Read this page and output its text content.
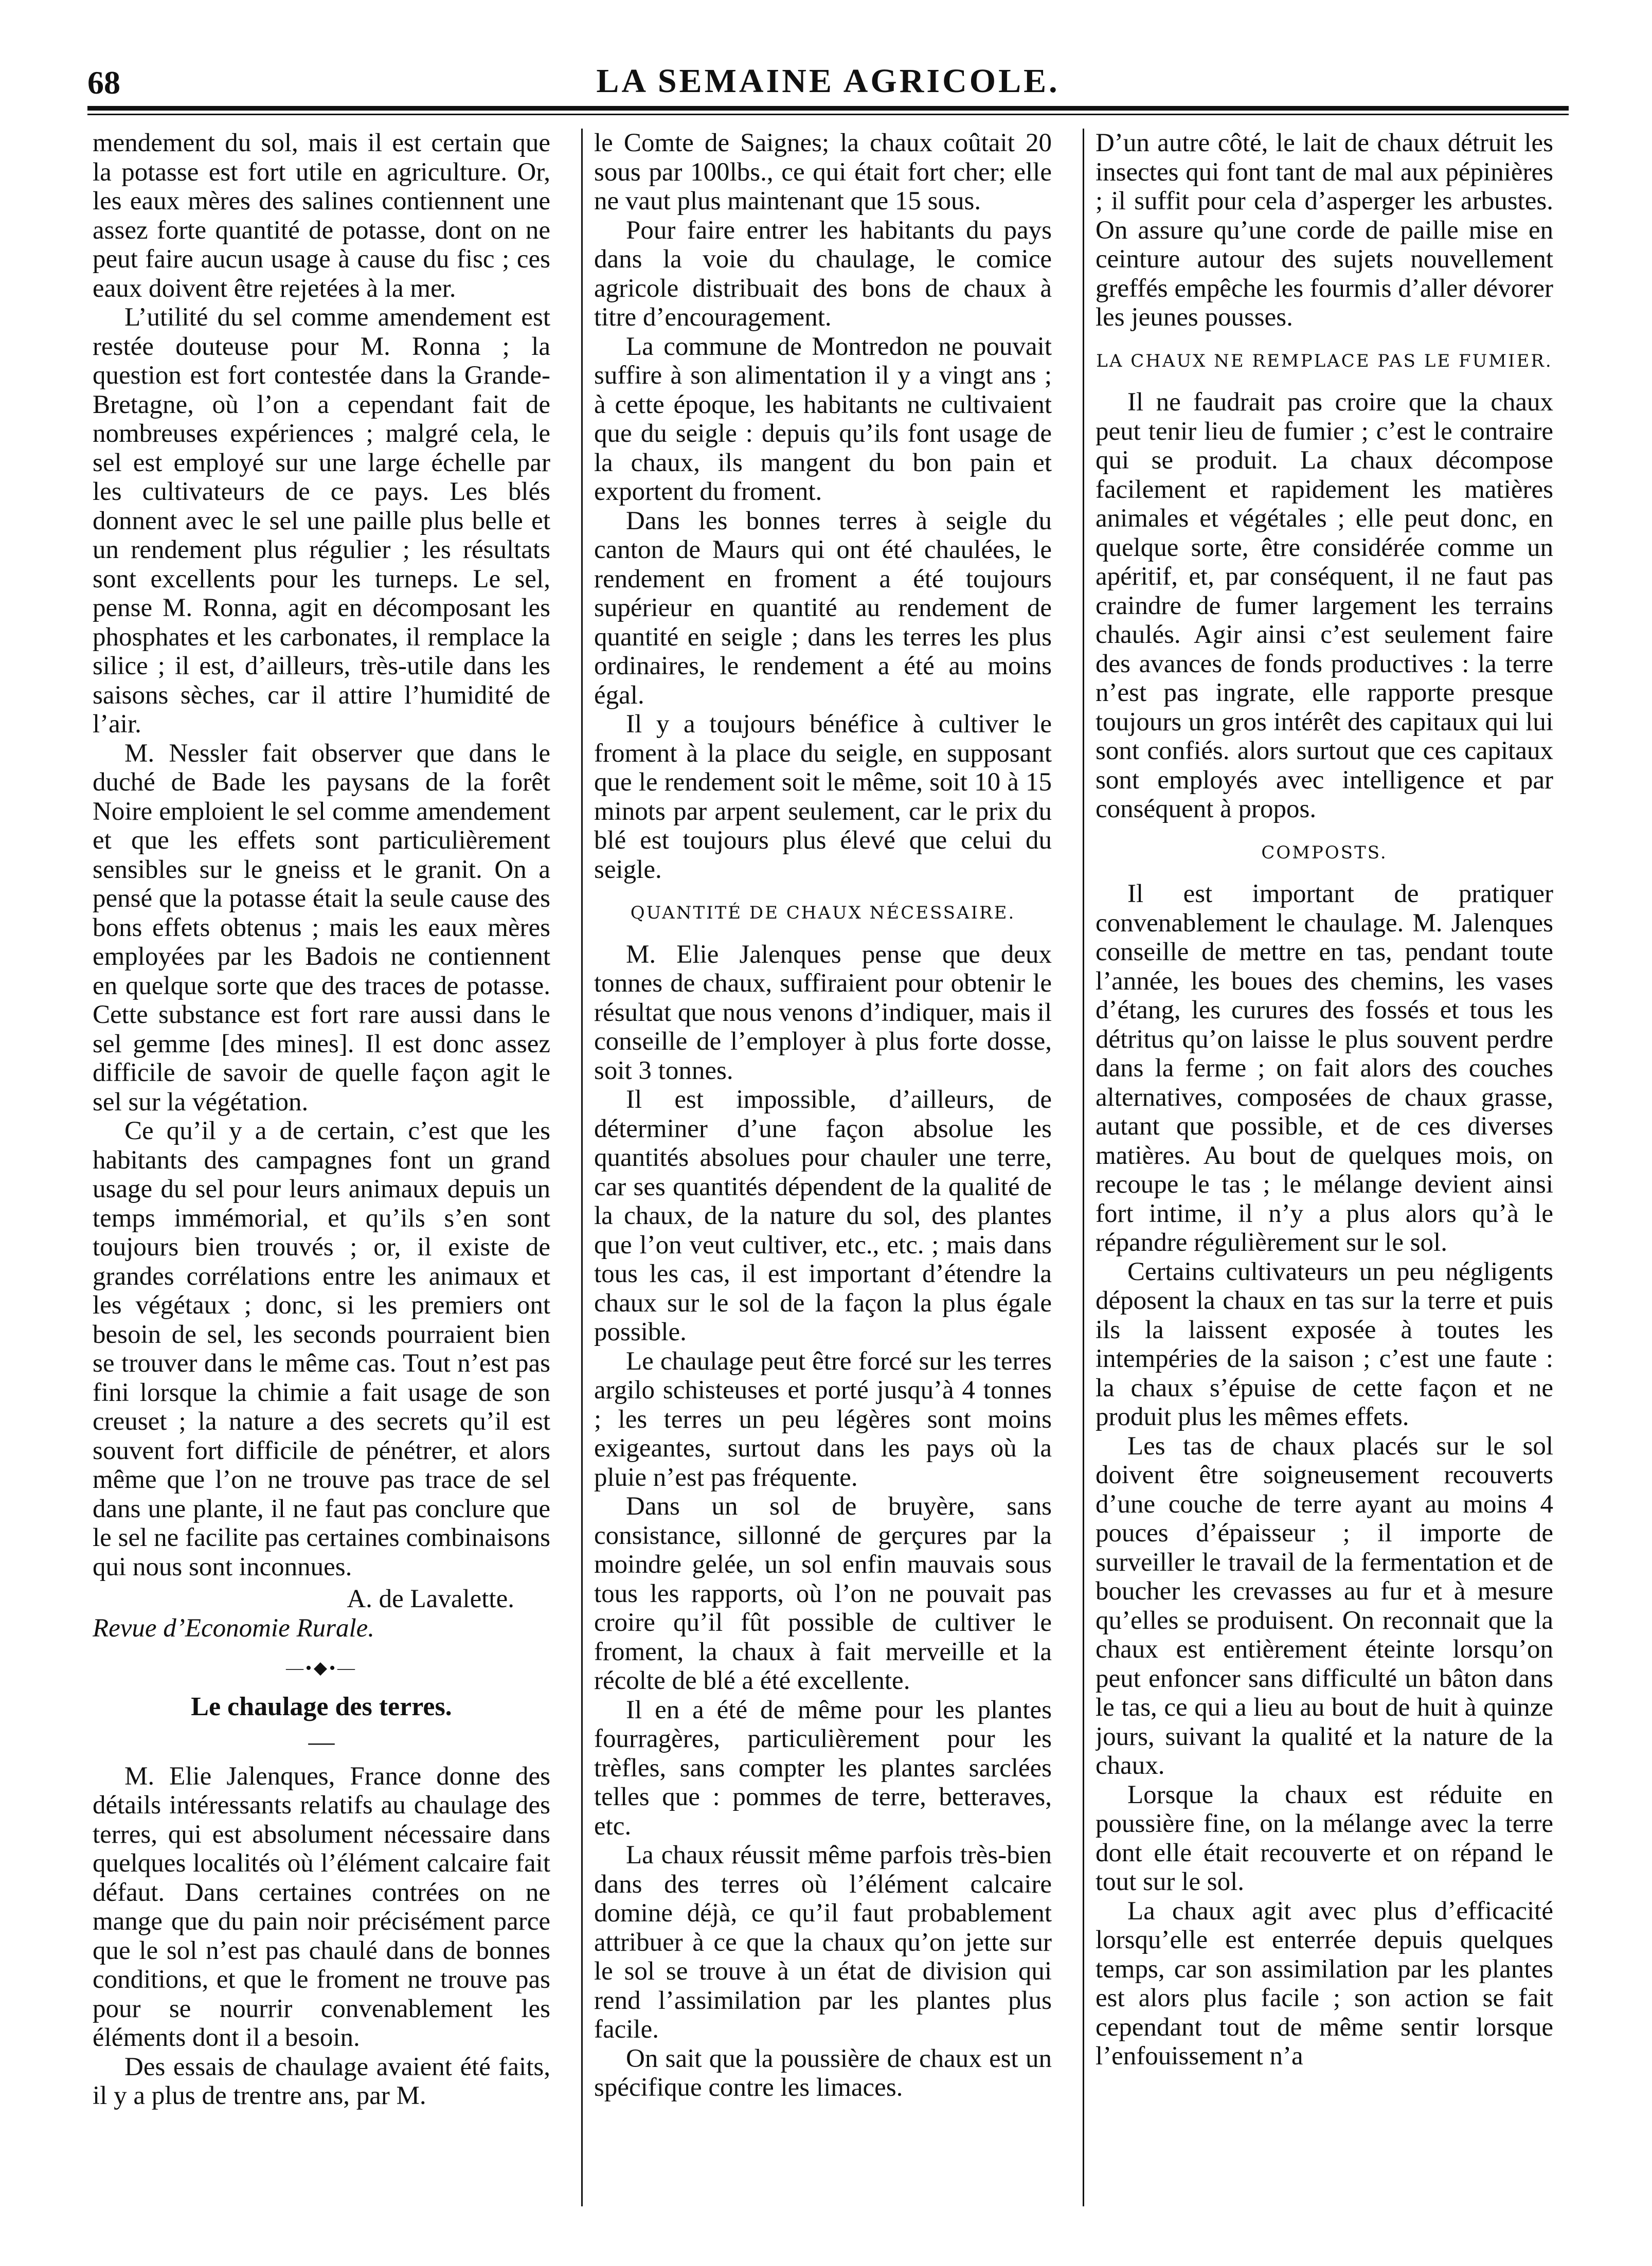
68	LA SEMAINE AGRICOLE.

mendement du sol, mais il est certain que la potasse est fort utile en agriculture. Or, les eaux mères des salines contiennent une assez forte quantité de potasse, dont on ne peut faire aucun usage à cause du fisc ; ces eaux doivent être rejetées à la mer.

L’utilité du sel comme amendement est restée douteuse pour M. Ronna ; la question est fort contestée dans la Grande-Bretagne, où l’on a cependant fait de nombreuses expériences ; malgré cela, le sel est employé sur une large échelle par les cultivateurs de ce pays. Les blés donnent avec le sel une paille plus belle et un rendement plus régulier ; les résultats sont excellents pour les turneps. Le sel, pense M. Ronna, agit en décomposant les phosphates et les carbonates, il remplace la silice ; il est, d’ailleurs, très-utile dans les saisons sèches, car il attire l’humidité de l’air.

M. Nessler fait observer que dans le duché de Bade les paysans de la forêt Noire emploient le sel comme amendement et que les effets sont particulièrement sensibles sur le gneiss et le granit. On a pensé que la potasse était la seule cause des bons effets obtenus ; mais les eaux mères employées par les Badois ne contiennent en quelque sorte que des traces de potasse. Cette substance est fort rare aussi dans le sel gemme [des mines]. Il est donc assez difficile de savoir de quelle façon agit le sel sur la végétation.

Ce qu’il y a de certain, c’est que les habitants des campagnes font un grand usage du sel pour leurs animaux depuis un temps immémorial, et qu’ils s’en sont toujours bien trouvés ; or, il existe de grandes corrélations entre les animaux et les végétaux ; donc, si les premiers ont besoin de sel, les seconds pourraient bien se trouver dans le même cas. Tout n’est pas fini lorsque la chimie a fait usage de son creuset ; la nature a des secrets qu’il est souvent fort difficile de pénétrer, et alors même que l’on ne trouve pas trace de sel dans une plante, il ne faut pas conclure que le sel ne facilite pas certaines combinaisons qui nous sont inconnues.

A. de Lavalette.

Revue d’Economie Rurale.

—•◆•—

Le chaulage des terres.

—

M. Elie Jalenques, France donne des détails intéressants relatifs au chaulage des terres, qui est absolument nécessaire dans quelques localités où l’élément calcaire fait défaut. Dans certaines contrées on ne mange que du pain noir précisément parce que le sol n’est pas chaulé dans de bonnes conditions, et que le froment ne trouve pas pour se nourrir convenablement les éléments dont il a besoin.

Des essais de chaulage avaient été faits, il y a plus de trentre ans, par M.

le Comte de Saignes; la chaux coûtait 20 sous par 100lbs., ce qui était fort cher; elle ne vaut plus maintenant que 15 sous.

Pour faire entrer les habitants du pays dans la voie du chaulage, le comice agricole distribuait des bons de chaux à titre d’encouragement.

La commune de Montredon ne pouvait suffire à son alimentation il y a vingt ans ; à cette époque, les habitants ne cultivaient que du seigle : depuis qu’ils font usage de la chaux, ils mangent du bon pain et exportent du froment.

Dans les bonnes terres à seigle du canton de Maurs qui ont été chaulées, le rendement en froment a été toujours supérieur en quantité au rendement de quantité en seigle ; dans les terres les plus ordinaires, le rendement a été au moins égal.

Il y a toujours bénéfice à cultiver le froment à la place du seigle, en supposant que le rendement soit le même, soit 10 à 15 minots par arpent seulement, car le prix du blé est toujours plus élevé que celui du seigle.

QUANTITÉ DE CHAUX NÉCESSAIRE.

M. Elie Jalenques pense que deux tonnes de chaux, suffiraient pour obtenir le résultat que nous venons d’indiquer, mais il conseille de l’employer à plus forte dosse, soit 3 tonnes.

Il est impossible, d’ailleurs, de déterminer d’une façon absolue les quantités absolues pour chauler une terre, car ses quantités dépendent de la qualité de la chaux, de la nature du sol, des plantes que l’on veut cultiver, etc., etc. ; mais dans tous les cas, il est important d’étendre la chaux sur le sol de la façon la plus égale possible.

Le chaulage peut être forcé sur les terres argilo schisteuses et porté jusqu’à 4 tonnes ; les terres un peu légères sont moins exigeantes, surtout dans les pays où la pluie n’est pas fréquente.

Dans un sol de bruyère, sans consistance, sillonné de gerçures par la moindre gelée, un sol enfin mauvais sous tous les rapports, où l’on ne pouvait pas croire qu’il fût possible de cultiver le froment, la chaux à fait merveille et la récolte de blé a été excellente.

Il en a été de même pour les plantes fourragères, particulièrement pour les trèfles, sans compter les plantes sarclées telles que : pommes de terre, betteraves, etc.

La chaux réussit même parfois très-bien dans des terres où l’élément calcaire domine déjà, ce qu’il faut probablement attribuer à ce que la chaux qu’on jette sur le sol se trouve à un état de division qui rend l’assimilation par les plantes plus facile.

On sait que la poussière de chaux est un spécifique contre les limaces.

D’un autre côté, le lait de chaux détruit les insectes qui font tant de mal aux pépinières ; il suffit pour cela d’asperger les arbustes. On assure qu’une corde de paille mise en ceinture autour des sujets nouvellement greffés empêche les fourmis d’aller dévorer les jeunes pousses.

LA CHAUX NE REMPLACE PAS LE FUMIER.

Il ne faudrait pas croire que la chaux peut tenir lieu de fumier ; c’est le contraire qui se produit. La chaux décompose facilement et rapidement les matières animales et végétales ; elle peut donc, en quelque sorte, être considérée comme un apéritif, et, par conséquent, il ne faut pas craindre de fumer largement les terrains chaulés. Agir ainsi c’est seulement faire des avances de fonds productives : la terre n’est pas ingrate, elle rapporte presque toujours un gros intérêt des capitaux qui lui sont confiés. alors surtout que ces capitaux sont employés avec intelligence et par conséquent à propos.

COMPOSTS.

Il est important de pratiquer convenablement le chaulage. M. Jalenques conseille de mettre en tas, pendant toute l’année, les boues des chemins, les vases d’étang, les curures des fossés et tous les détritus qu’on laisse le plus souvent perdre dans la ferme ; on fait alors des couches alternatives, composées de chaux grasse, autant que possible, et de ces diverses matières. Au bout de quelques mois, on recoupe le tas ; le mélange devient ainsi fort intime, il n’y a plus alors qu’à le répandre régulièrement sur le sol.

Certains cultivateurs un peu négligents déposent la chaux en tas sur la terre et puis ils la laissent exposée à toutes les intempéries de la saison ; c’est une faute : la chaux s’épuise de cette façon et ne produit plus les mêmes effets.

Les tas de chaux placés sur le sol doivent être soigneusement recouverts d’une couche de terre ayant au moins 4 pouces d’épaisseur ; il importe de surveiller le travail de la fermentation et de boucher les crevasses au fur et à mesure qu’elles se produisent. On reconnait que la chaux est entièrement éteinte lorsqu’on peut enfoncer sans difficulté un bâton dans le tas, ce qui a lieu au bout de huit à quinze jours, suivant la qualité et la nature de la chaux.

Lorsque la chaux est réduite en poussière fine, on la mélange avec la terre dont elle était recouverte et on répand le tout sur le sol.

La chaux agit avec plus d’efficacité lorsqu’elle est enterrée depuis quelques temps, car son assimilation par les plantes est alors plus facile ; son action se fait cependant tout de même sentir lorsque l’enfouissement n’a
